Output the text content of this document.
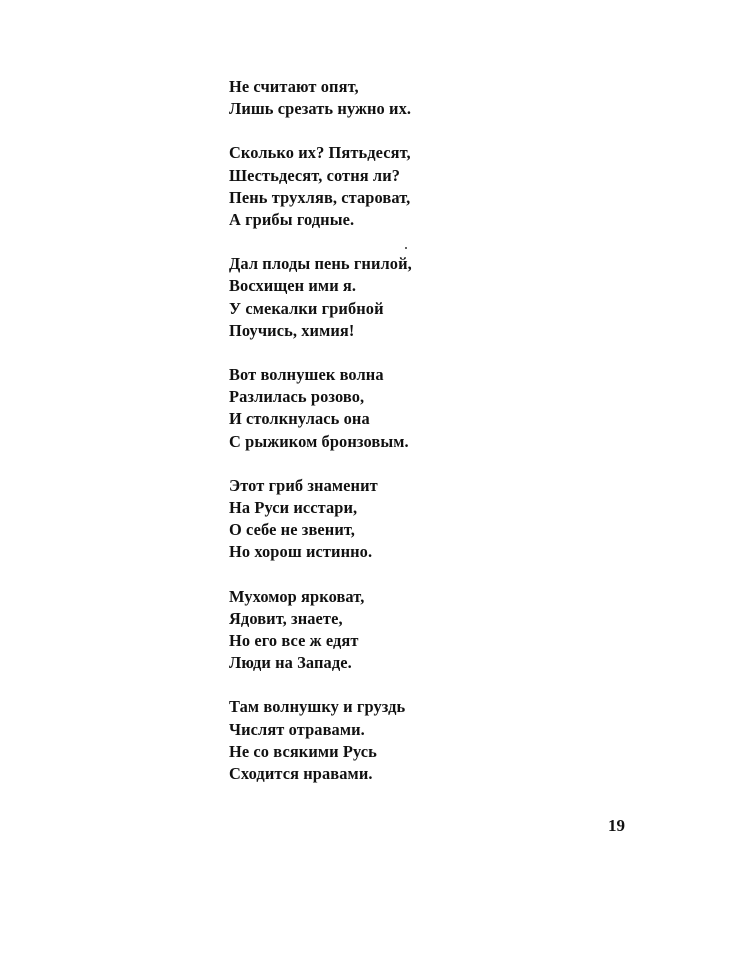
Не считают опят,
Лишь срезать нужно их.
Сколько их? Пятьдесят,
Шестьдесят, сотня ли?
Пень трухляв, староват,
А грибы годные.
Дал плоды пень гнилой,
Восхищен ими я.
У смекалки грибной
Поучись, химия!
Вот волнушек волна
Разлилась розово,
И столкнулась она
С рыжиком бронзовым.
Этот гриб знаменит
На Руси исстари,
О себе не звенит,
Но хорош истинно.
Мухомор ярковат,
Ядовит, знаете,
Но его все ж едят
Люди на Западе.
Там волнушку и груздь
Числят отравами.
Не со всякими Русь
Сходится нравами.
19
